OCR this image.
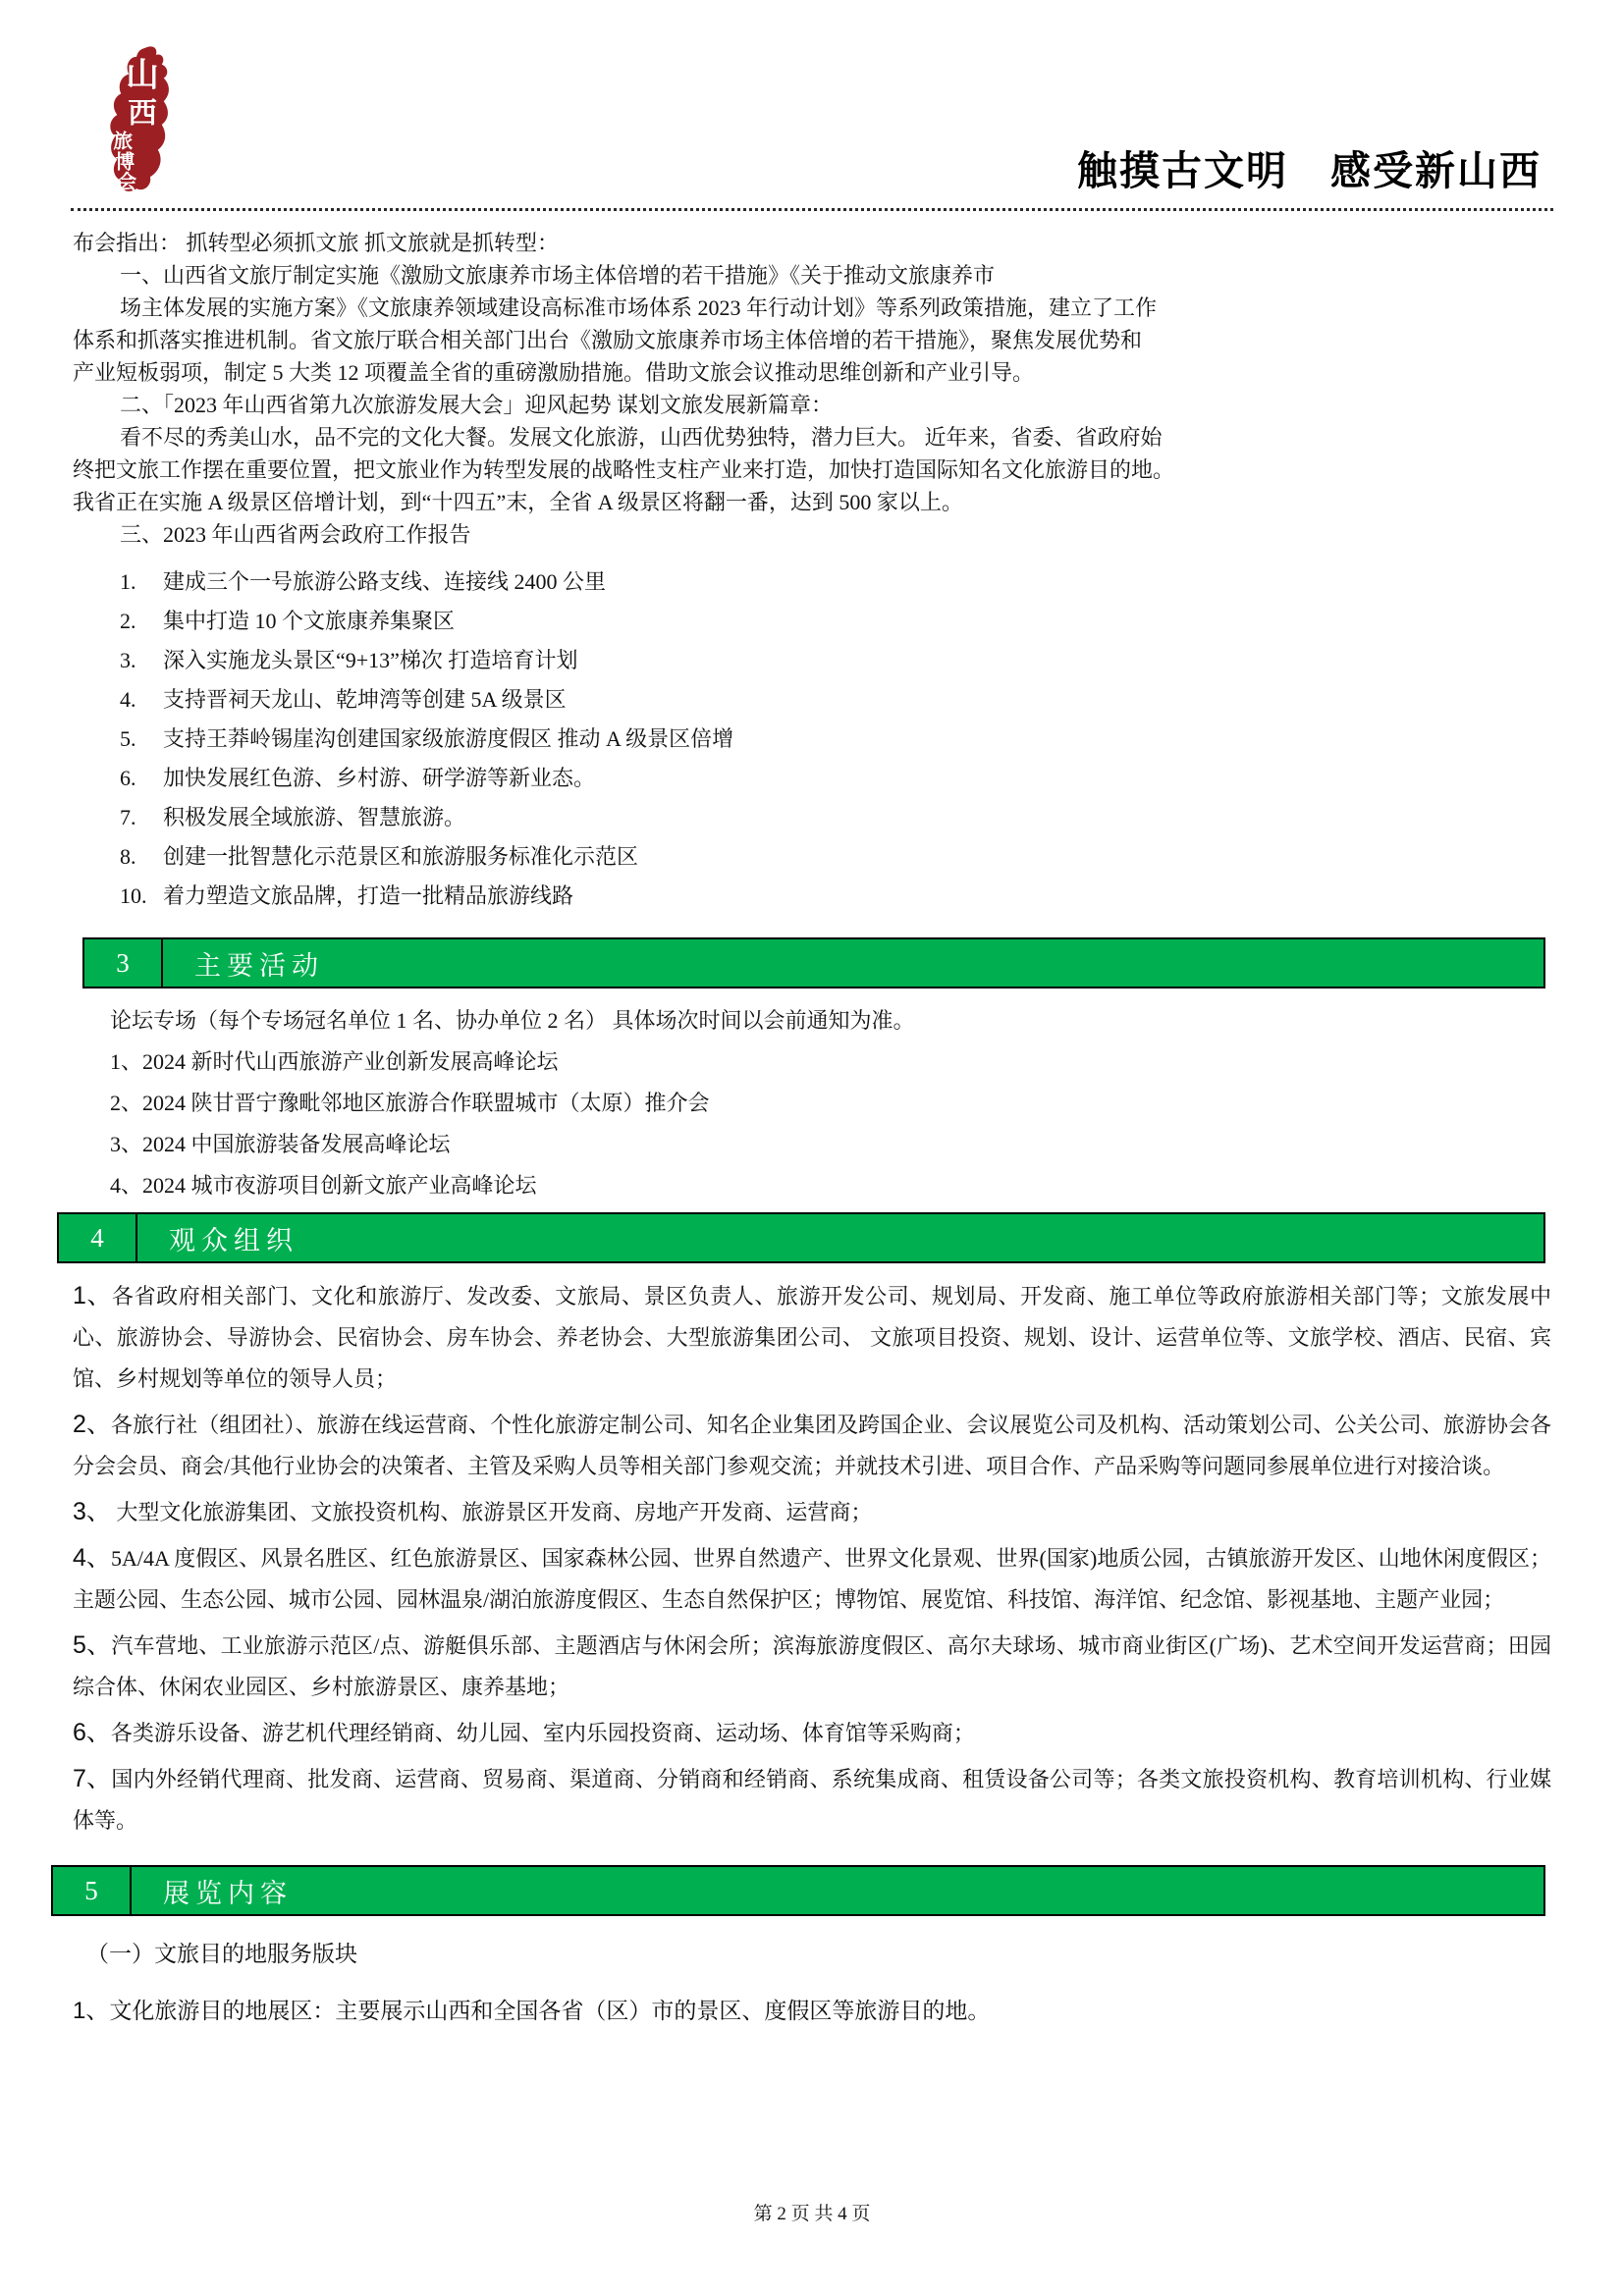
山
西
旅
博
会	触摸古文明　感受新山西

布会指出： 抓转型必须抓文旅 抓文旅就是抓转型：

一、山西省文旅厅制定实施《激励文旅康养市场主体倍增的若干措施》《关于推动文旅康养市

场主体发展的实施方案》《文旅康养领域建设高标准市场体系 2023 年行动计划》等系列政策措施，建立了工作

体系和抓落实推进机制。省文旅厅联合相关部门出台《激励文旅康养市场主体倍增的若干措施》，聚焦发展优势和

产业短板弱项，制定 5 大类 12 项覆盖全省的重磅激励措施。借助文旅会议推动思维创新和产业引导。

二、「2023 年山西省第九次旅游发展大会」迎风起势 谋划文旅发展新篇章：

看不尽的秀美山水，品不完的文化大餐。发展文化旅游，山西优势独特，潜力巨大。 近年来，省委、省政府始

终把文旅工作摆在重要位置，把文旅业作为转型发展的战略性支柱产业来打造，加快打造国际知名文化旅游目的地。

我省正在实施 A 级景区倍增计划，到“十四五”末，全省 A 级景区将翻一番，达到 500 家以上。

三、2023 年山西省两会政府工作报告

1.	建成三个一号旅游公路支线、连接线 2400 公里
2.	集中打造 10 个文旅康养集聚区
3.	深入实施龙头景区“9+13”梯次 打造培育计划
4.	支持晋祠天龙山、乾坤湾等创建 5A 级景区
5.	支持王莽岭锡崖沟创建国家级旅游度假区 推动 A 级景区倍增
6.	加快发展红色游、乡村游、研学游等新业态。
7.	积极发展全域旅游、智慧旅游。
8.	创建一批智慧化示范景区和旅游服务标准化示范区
10. 着力塑造文旅品牌，打造一批精品旅游线路
3	主要活动

论坛专场（每个专场冠名单位 1 名、协办单位 2 名） 具体场次时间以会前通知为准。

1、2024 新时代山西旅游产业创新发展高峰论坛

2、2024 陕甘晋宁豫毗邻地区旅游合作联盟城市（太原）推介会

3、2024 中国旅游装备发展高峰论坛

4、2024 城市夜游项目创新文旅产业高峰论坛

4	观众组织

1、各省政府相关部门、文化和旅游厅、发改委、文旅局、景区负责人、旅游开发公司、规划局、开发商、施工单位等政府旅游相关部门等；文旅发展中心、旅游协会、导游协会、民宿协会、房车协会、养老协会、大型旅游集团公司、 文旅项目投资、规划、设计、运营单位等、文旅学校、酒店、民宿、宾馆、乡村规划等单位的领导人员；

2、各旅行社（组团社）、旅游在线运营商、个性化旅游定制公司、知名企业集团及跨国企业、会议展览公司及机构、活动策划公司、公关公司、旅游协会各分会会员、商会/其他行业协会的决策者、主管及采购人员等相关部门参观交流；并就技术引进、项目合作、产品采购等问题同参展单位进行对接洽谈。

3、 大型文化旅游集团、文旅投资机构、旅游景区开发商、房地产开发商、运营商；

4、5A/4A 度假区、风景名胜区、红色旅游景区、国家森林公园、世界自然遗产、世界文化景观、世界(国家)地质公园，古镇旅游开发区、山地休闲度假区；主题公园、生态公园、城市公园、园林温泉/湖泊旅游度假区、生态自然保护区；博物馆、展览馆、科技馆、海洋馆、纪念馆、影视基地、主题产业园；

5、汽车营地、工业旅游示范区/点、游艇俱乐部、主题酒店与休闲会所；滨海旅游度假区、高尔夫球场、城市商业街区(广场)、艺术空间开发运营商；田园综合体、休闲农业园区、乡村旅游景区、康养基地；

6、各类游乐设备、游艺机代理经销商、幼儿园、室内乐园投资商、运动场、体育馆等采购商；

7、国内外经销代理商、批发商、运营商、贸易商、渠道商、分销商和经销商、系统集成商、租赁设备公司等；各类文旅投资机构、教育培训机构、行业媒体等。

5	展览内容

（一）文旅目的地服务版块

1、文化旅游目的地展区：主要展示山西和全国各省（区）市的景区、度假区等旅游目的地。

第 2 页 共 4 页
